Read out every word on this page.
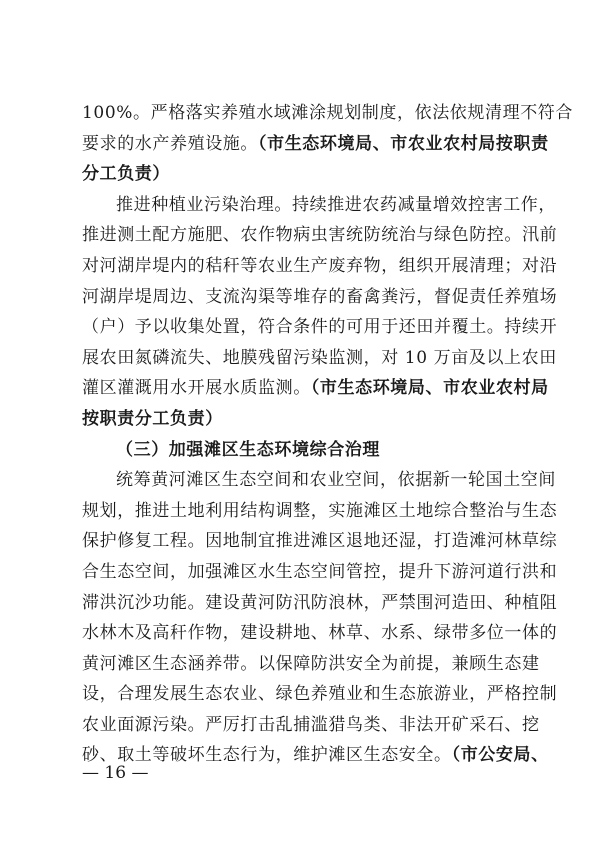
100%。严格落实养殖水域滩涂规划制度，依法依规清理不符合

要求的水产养殖设施。（市生态环境局、市农业农村局按职责

分工负责）

推进种植业污染治理。持续推进农药减量增效控害工作，

推进测土配方施肥、农作物病虫害统防统治与绿色防控。汛前

对河湖岸堤内的秸秆等农业生产废弃物，组织开展清理；对沿

河湖岸堤周边、支流沟渠等堆存的畜禽粪污，督促责任养殖场

（户）予以收集处置，符合条件的可用于还田并覆土。持续开

展农田氮磷流失、地膜残留污染监测，对 10 万亩及以上农田

灌区灌溉用水开展水质监测。（市生态环境局、市农业农村局

按职责分工负责）

（三）加强滩区生态环境综合治理

统筹黄河滩区生态空间和农业空间，依据新一轮国土空间

规划，推进土地利用结构调整，实施滩区土地综合整治与生态

保护修复工程。因地制宜推进滩区退地还湿，打造滩河林草综

合生态空间，加强滩区水生态空间管控，提升下游河道行洪和

滞洪沉沙功能。建设黄河防汛防浪林，严禁围河造田、种植阻

水林木及高秆作物，建设耕地、林草、水系、绿带多位一体的

黄河滩区生态涵养带。以保障防洪安全为前提，兼顾生态建

设，合理发展生态农业、绿色养殖业和生态旅游业，严格控制

农业面源污染。严厉打击乱捕滥猎鸟类、非法开矿采石、挖

砂、取土等破坏生态行为，维护滩区生态安全。（市公安局、

— 16 —
